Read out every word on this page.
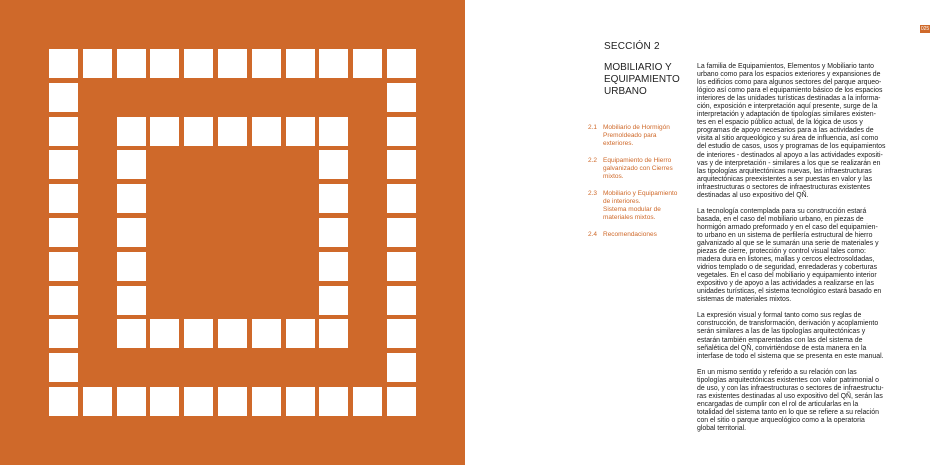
025
SECCIÓN 2
MOBILIARIO Y
EQUIPAMIENTO
URBANO
2.1 Mobiliario de Hormigón
Premoldeado para
exteriores.
2.2 Equipamiento de Hierro
galvanizado con Cierres
mixtos.
2.3 Mobiliario y Equipamiento
de interiores.
Sistema modular de
materiales mixtos.
2.4 Recomendaciones

La familia de Equipamientos, Elementos y Mobiliario tanto
urbano como para los espacios exteriores y expansiones de
los edificios como para algunos sectores del parque arqueo-
lógico así como para el equipamiento básico de los espacios
interiores de las unidades turísticas destinadas a la informa-
ción, exposición e interpretación aquí presente, surge de la
interpretación y adaptación de tipologías similares existen-
tes en el espacio público actual, de la lógica de usos y
programas de apoyo necesarios para a las actividades de
visita al sitio arqueológico y su área de influencia, así como
del estudio de casos, usos y programas de los equipamientos
de interiores - destinados al apoyo a las actividades expositi-
vas y de interpretación - similares a los que se realizarán en
las tipologías arquitectónicas nuevas, las infraestructuras
arquitectónicas preexistentes a ser puestas en valor y las
infraestructuras o sectores de infraestructuras existentes
destinadas al uso expositivo del QÑ.

La tecnología contemplada para su construcción estará
basada, en el caso del mobiliario urbano, en piezas de
hormigón armado preformado y en el caso del equipamien-
to urbano en un sistema de perfilería estructural de hierro
galvanizado al que se le sumarán una serie de materiales y
piezas de cierre, protección y control visual tales como:
madera dura en listones, mallas y cercos electrosoldadas,
vidrios templado o de seguridad, enredaderas y coberturas
vegetales. En el caso del mobiliario y equipamiento interior
expositivo y de apoyo a las actividades a realizarse en las
unidades turísticas, el sistema tecnológico estará basado en
sistemas de materiales mixtos.

La expresión visual y formal tanto como sus reglas de
construcción, de transformación, derivación y acoplamiento
serán similares a las de las tipologías arquitectónicas y
estarán también emparentadas con las del sistema de
señalética del QÑ, convirtiéndose de esta manera en la
interfase de todo el sistema que se presenta en este manual.

En un mismo sentido y referido a su relación con las
tipologías arquitectónicas existentes con valor patrimonial o
de uso, y con las infraestructuras o sectores de infraestructu-
ras existentes destinadas al uso expositivo del QÑ, serán las
encargadas de cumplir con el rol de articularlas en la
totalidad del sistema tanto en lo que se refiere a su relación
con el sitio o parque arqueológico como a la operatoria
global territorial.
